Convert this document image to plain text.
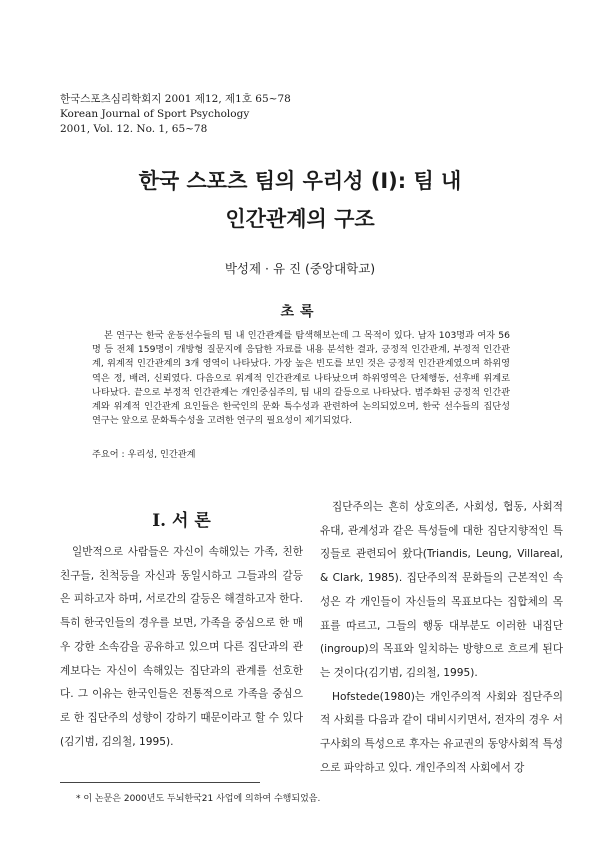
한국스포츠심리학회지 2001 제12, 제1호 65~78
Korean Journal of Sport Psychology
2001, Vol. 12. No. 1, 65~78
한국 스포츠 팀의 우리성 (Ⅰ): 팀 내
인간관계의 구조
박성제 · 유 진 (중앙대학교)
초록
본 연구는 한국 운동선수들의 팀 내 인간관계를 탐색해보는데 그 목적이 있다. 남자 103명과 여자 56명 등 전체 159명이 개방형 질문지에 응답한 자료를 내용 분석한 결과, 긍정적 인간관계, 부정적 인간관계, 위계적 인간관계의 3개 영역이 나타났다. 가장 높은 빈도를 보인 것은 긍정적 인간관계였으며 하위영역은 정, 배려, 신뢰였다. 다음으로 위계적 인간관계로 나타났으며 하위영역은 단체행동, 선후배 위계로 나타났다. 끝으로 부정적 인간관계는 개인중심주의, 팀 내의 갈등으로 나타났다. 범주화된 긍정적 인간관계와 위계적 인간관계 요인들은 한국인의 문화 특수성과 관련하여 논의되었으며, 한국 선수들의 집단성 연구는 앞으로 문화특수성을 고려한 연구의 필요성이 제기되었다.
주요어 : 우리성, 인간관계
Ⅰ. 서 론

일반적으로 사람들은 자신이 속해있는 가족, 친한 친구들, 친척등을 자신과 동일시하고 그들과의 갈등은 피하고자 하며, 서로간의 갈등은 해결하고자 한다. 특히 한국인들의 경우를 보면, 가족을 중심으로 한 매우 강한 소속감을 공유하고 있으며 다른 집단과의 관계보다는 자신이 속해있는 집단과의 관계를 선호한다. 그 이유는 한국인들은 전통적으로 가족을 중심으로 한 집단주의 성향이 강하기 때문이라고 할 수 있다(김기범, 김의철, 1995).

집단주의는 흔히 상호의존, 사회성, 협동, 사회적 유대, 관계성과 같은 특성들에 대한 집단지향적인 특징들로 관련되어 왔다(Triandis, Leung, Villareal, & Clark, 1985). 집단주의적 문화들의 근본적인 속성은 각 개인들이 자신들의 목표보다는 집합체의 목표를 따르고, 그들의 행동 대부분도 이러한 내집단(ingroup)의 목표와 일치하는 방향으로 흐르게 된다는 것이다(김기범, 김의철, 1995).

Hofstede(1980)는 개인주의적 사회와 집단주의적 사회를 다음과 같이 대비시키면서, 전자의 경우 서구사회의 특성으로 후자는 유교권의 동양사회적 특성으로 파악하고 있다. 개인주의적 사회에서 강

* 이 논문은 2000년도 두뇌한국21 사업에 의하여 수행되었음.
